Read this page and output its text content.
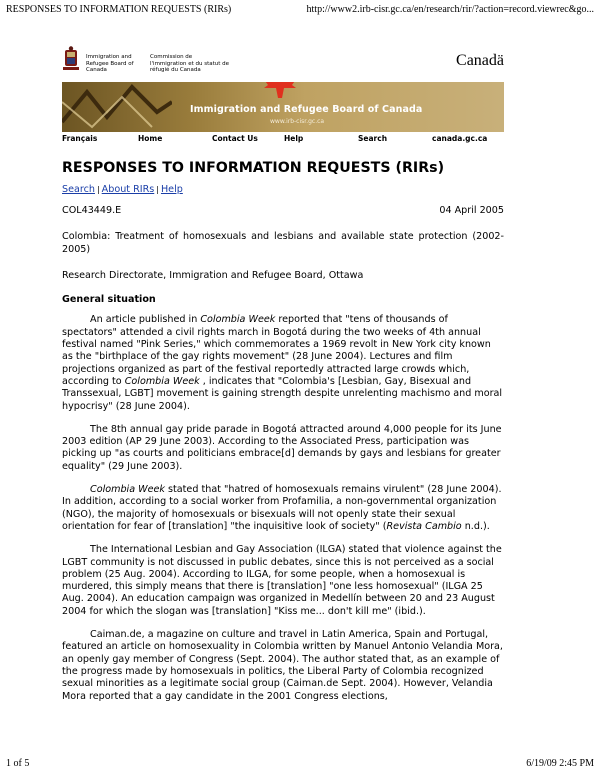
RESPONSES TO INFORMATION REQUESTS (RIRs)	http://www2.irb-cisr.gc.ca/en/research/rir/?action=record.viewrec&go...
Immigration and Refugee Board of Canada
Commission de l'immigration et du statut de réfugié du Canada
Canadä
Immigration and Refugee Board of Canada
www.irb-cisr.gc.ca
Français	Home	Contact Us	Help	Search	canada.gc.ca
RESPONSES TO INFORMATION REQUESTS (RIRs)
Search | About RIRs | Help
COL43449.E	04 April 2005
Colombia: Treatment of homosexuals and lesbians and available state protection (2002-2005)
Research Directorate, Immigration and Refugee Board, Ottawa
General situation

An article published in Colombia Week reported that "tens of thousands of spectators" attended a civil rights march in Bogotá during the two weeks of 4th annual festival named "Pink Series," which commemorates a 1969 revolt in New York city known as the "birthplace of the gay rights movement" (28 June 2004). Lectures and film projections organized as part of the festival reportedly attracted large crowds which, according to Colombia Week , indicates that "Colombia's [Lesbian, Gay, Bisexual and Transsexual, LGBT] movement is gaining strength despite unrelenting machismo and moral hypocrisy" (28 June 2004).

The 8th annual gay pride parade in Bogotá attracted around 4,000 people for its June 2003 edition (AP 29 June 2003). According to the Associated Press, participation was picking up "as courts and politicians embrace[d] demands by gays and lesbians for greater equality" (29 June 2003).

Colombia Week stated that "hatred of homosexuals remains virulent" (28 June 2004). In addition, according to a social worker from Profamilia, a non-governmental organization (NGO), the majority of homosexuals or bisexuals will not openly state their sexual orientation for fear of [translation] "the inquisitive look of society" (Revista Cambio n.d.).

The International Lesbian and Gay Association (ILGA) stated that violence against the LGBT community is not discussed in public debates, since this is not perceived as a social problem (25 Aug. 2004). According to ILGA, for some people, when a homosexual is murdered, this simply means that there is [translation] "one less homosexual" (ILGA 25 Aug. 2004). An education campaign was organized in Medellín between 20 and 23 August 2004 for which the slogan was [translation] "Kiss me... don't kill me" (ibid.).

Caiman.de, a magazine on culture and travel in Latin America, Spain and Portugal, featured an article on homosexuality in Colombia written by Manuel Antonio Velandia Mora, an openly gay member of Congress (Sept. 2004). The author stated that, as an example of the progress made by homosexuals in politics, the Liberal Party of Colombia recognized sexual minorities as a legitimate social group (Caiman.de Sept. 2004). However, Velandia Mora reported that a gay candidate in the 2001 Congress elections,

1 of 5	6/19/09 2:45 PM
